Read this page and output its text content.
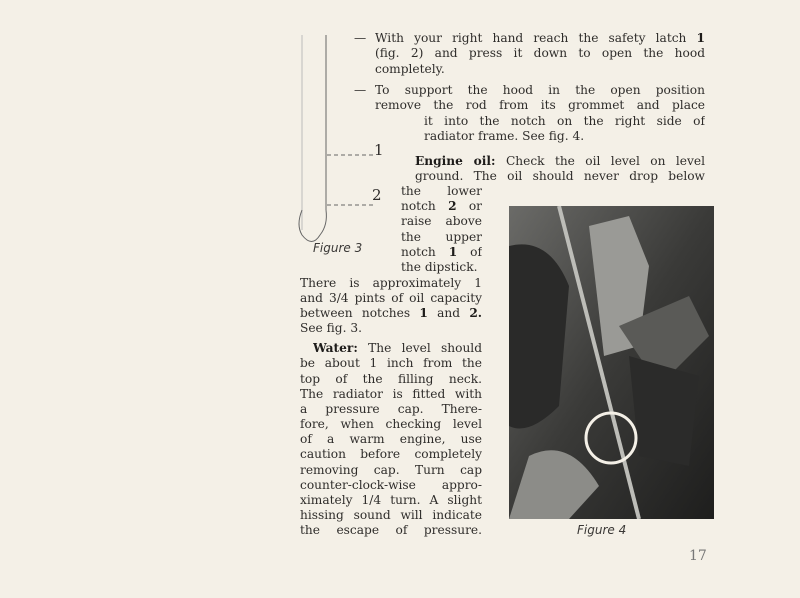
1
2
Figure 3
— With your right hand reach the safety latch 1
(fig. 2) and press it down to open the hood
completely.
— To support the hood in the open position
remove the rod from its grommet and place
it into the notch on the right side of
radiator frame. See fig. 4.
Engine oil: Check the oil level on level
ground. The oil should never drop below
the lower
notch 2 or
raise above
the upper
notch 1 of
the dipstick.
There is approximately 1
and 3/4 pints of oil capacity
between notches 1 and 2.
See fig. 3.
Water: The level should
be about 1 inch from the
top of the filling neck.
The radiator is fitted with
a pressure cap. There-
fore, when checking level
of a warm engine, use
caution before completely
removing cap. Turn cap
counter-clock-wise appro-
ximately 1/4 turn. A slight
hissing sound will indicate
the escape of pressure.	Figure 4
17
